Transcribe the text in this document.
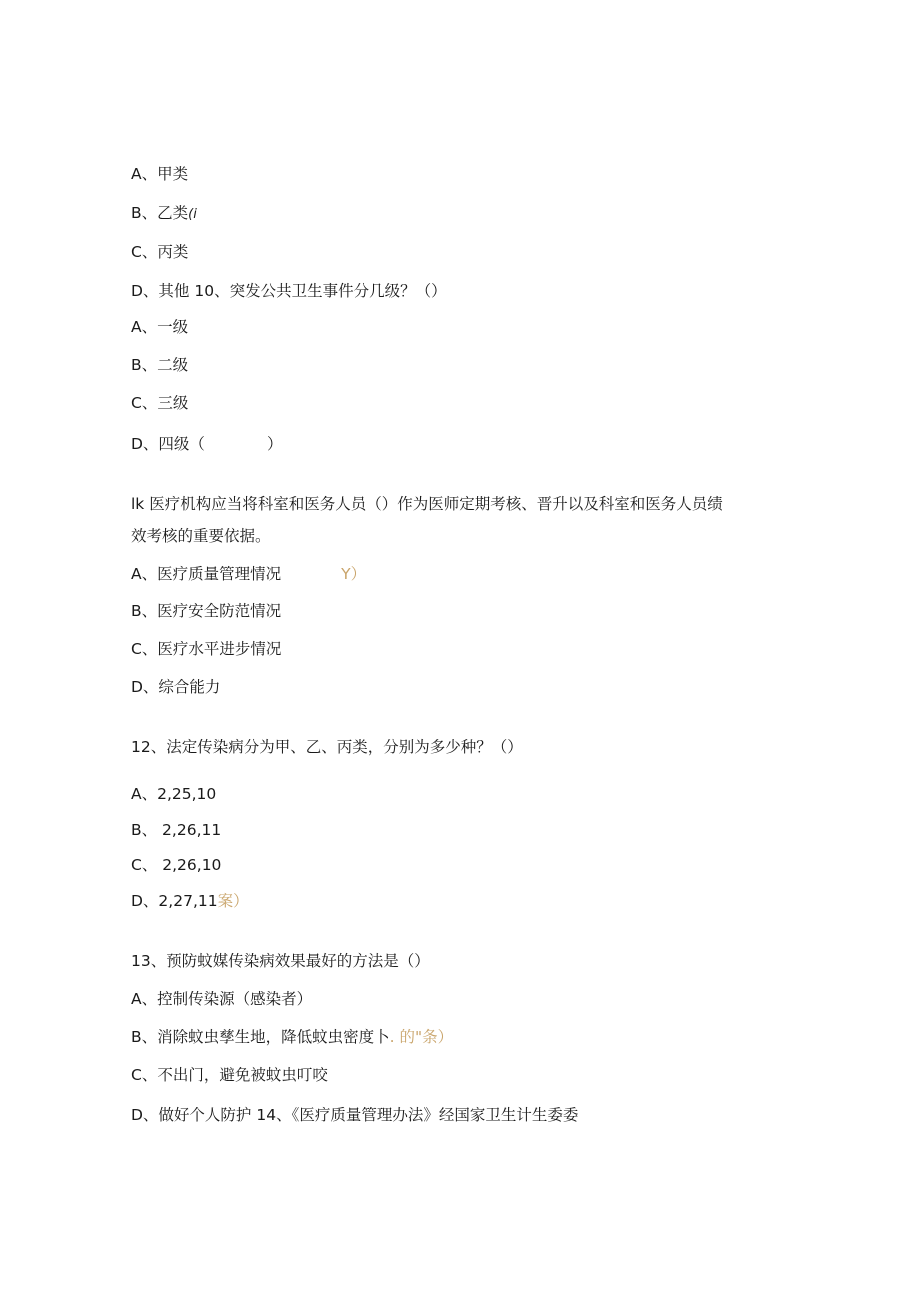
A、甲类
B、乙类(i
C、丙类
D、其他 10、突发公共卫生事件分几级？（）
A、一级
B、二级
C、三级
D、四级（	）
lk 医疗机构应当将科室和医务人员（）作为医师定期考核、晋升以及科室和医务人员绩
效考核的重要依据。
A、医疗质量管理情况	Y）
B、医疗安全防范情况
C、医疗水平进步情况
D、综合能力
12、法定传染病分为甲、乙、丙类，分别为多少种？（）
A、2,25,10
B、 2,26,11
C、 2,26,10
D、2,27,11案）
13、预防蚊媒传染病效果最好的方法是（）
A、控制传染源（感染者）
B、消除蚊虫孳生地，降低蚊虫密度卜. 的"条）
C、不出门，避免被蚊虫叮咬
D、做好个人防护 14、《医疗质量管理办法》经国家卫生计生委委
